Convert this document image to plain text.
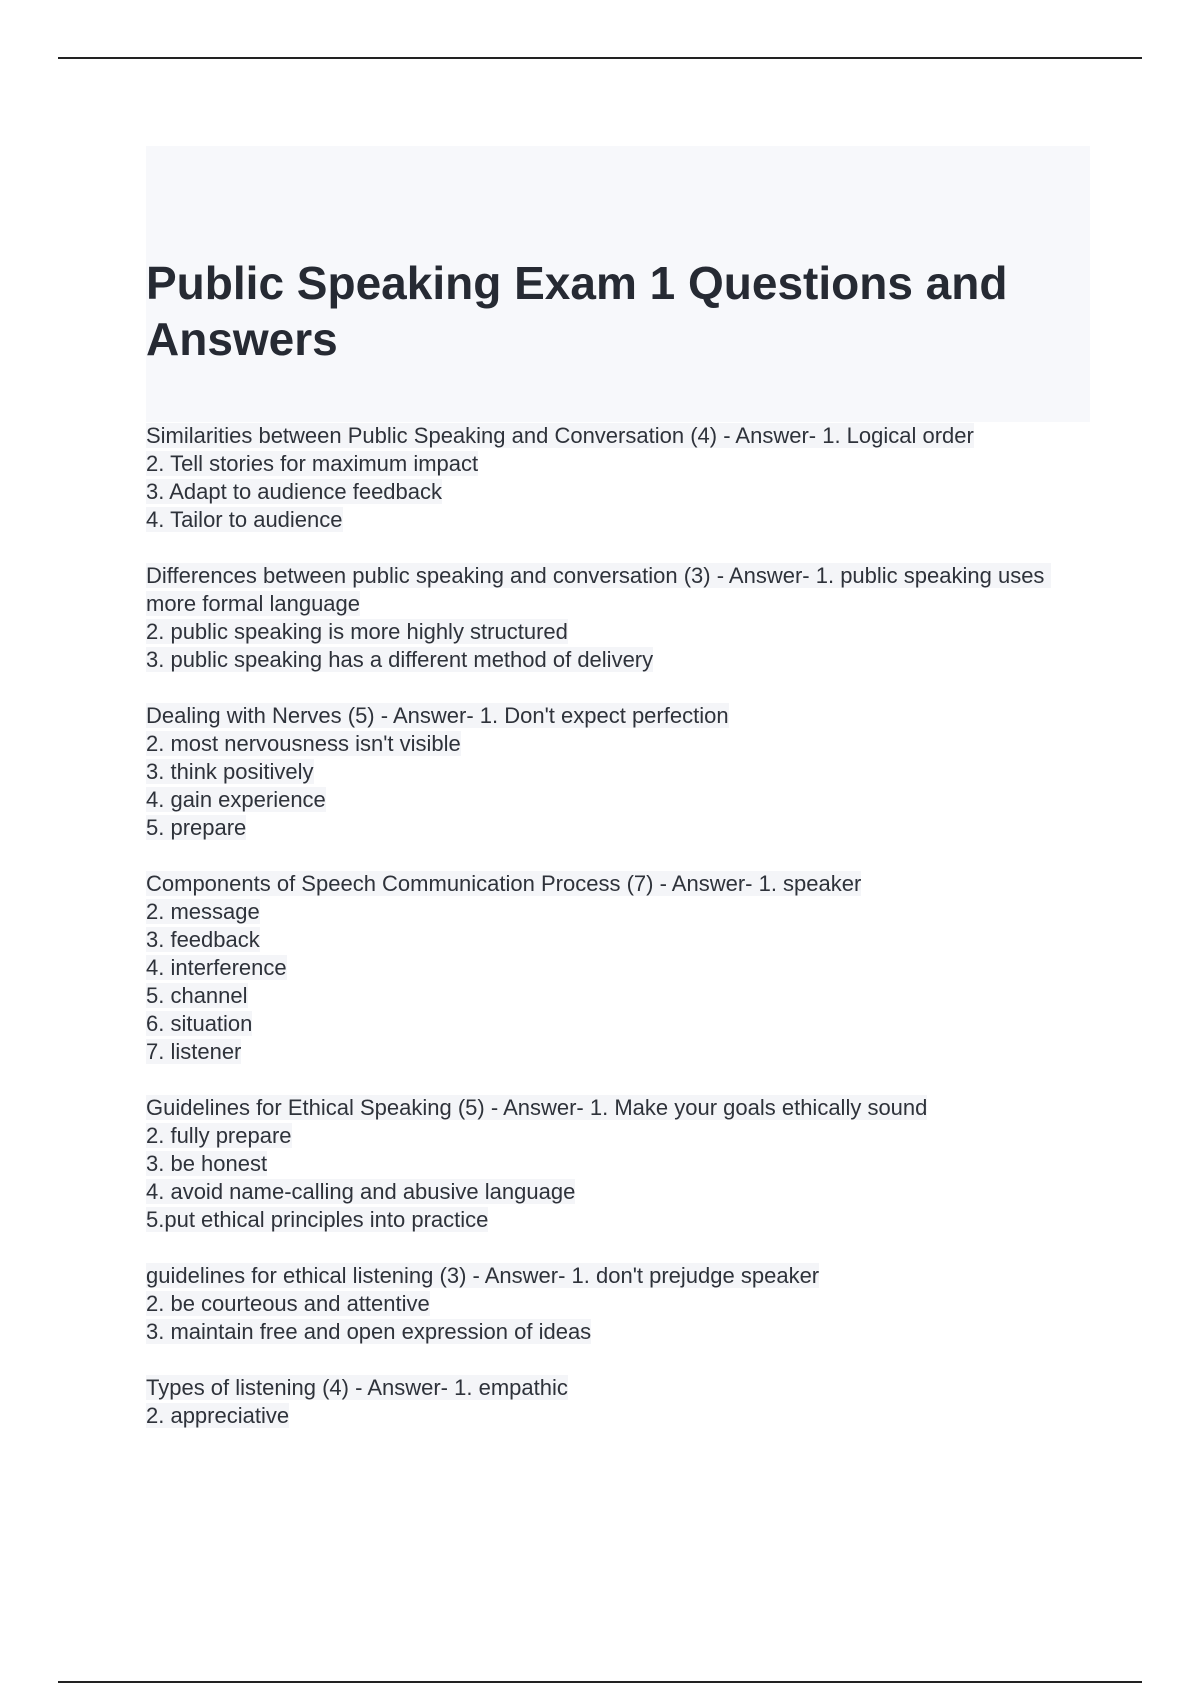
Public Speaking Exam 1 Questions and Answers
Similarities between Public Speaking and Conversation (4) - Answer- 1. Logical order
2. Tell stories for maximum impact
3. Adapt to audience feedback
4. Tailor to audience
Differences between public speaking and conversation (3) - Answer- 1. public speaking uses more formal language
2. public speaking is more highly structured
3. public speaking has a different method of delivery
Dealing with Nerves (5) - Answer- 1. Don't expect perfection
2. most nervousness isn't visible
3. think positively
4. gain experience
5. prepare
Components of Speech Communication Process (7) - Answer- 1. speaker
2. message
3. feedback
4. interference
5. channel
6. situation
7. listener
Guidelines for Ethical Speaking (5) - Answer- 1. Make your goals ethically sound
2. fully prepare
3. be honest
4. avoid name-calling and abusive language
5.put ethical principles into practice
guidelines for ethical listening (3) - Answer- 1. don't prejudge speaker
2. be courteous and attentive
3. maintain free and open expression of ideas
Types of listening (4) - Answer- 1. empathic
2. appreciative
